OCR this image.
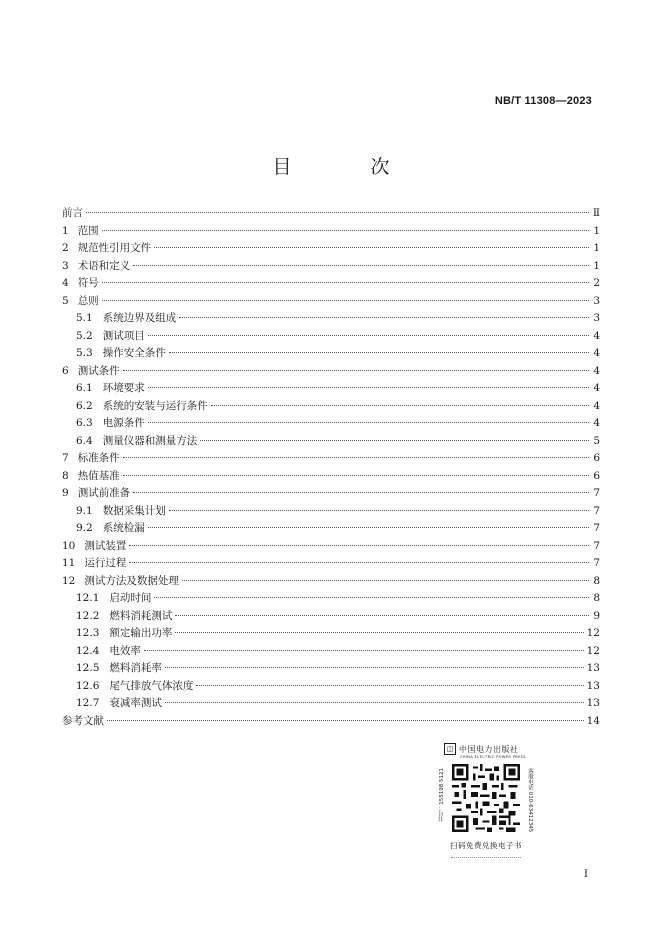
NB/T 11308—2023
目　次
前言	Ⅱ
1 范围	1
2 规范性引用文件	1
3 术语和定义	1
4 符号	2
5 总则	3
5.1 系统边界及组成	3
5.2 测试项目	4
5.3 操作安全条件	4
6 测试条件	4
6.1 环境要求	4
6.2 系统的安装与运行条件	4
6.3 电源条件	4
6.4 测量仪器和测量方法	5
7 标准条件	6
8 热值基准	6
9 测试前准备	7
9.1 数据采集计划	7
9.2 系统检漏	7
10 测试装置	7
11 运行过程	7
12 测试方法及数据处理	8
12.1 启动时间	8
12.2 燃料消耗测试	9
12.3 额定输出功率	12
12.4 电效率	12
12.5 燃料消耗率	13
12.6 尾气排放气体浓度	13
12.7 衰减率测试	13
参考文献	14
◫ 中国电力出版社
CHINA ELECTRIC POWER PRESS
书号：155198·5121	客服电话 010-63412345
扫码免费兑换电子书
I
